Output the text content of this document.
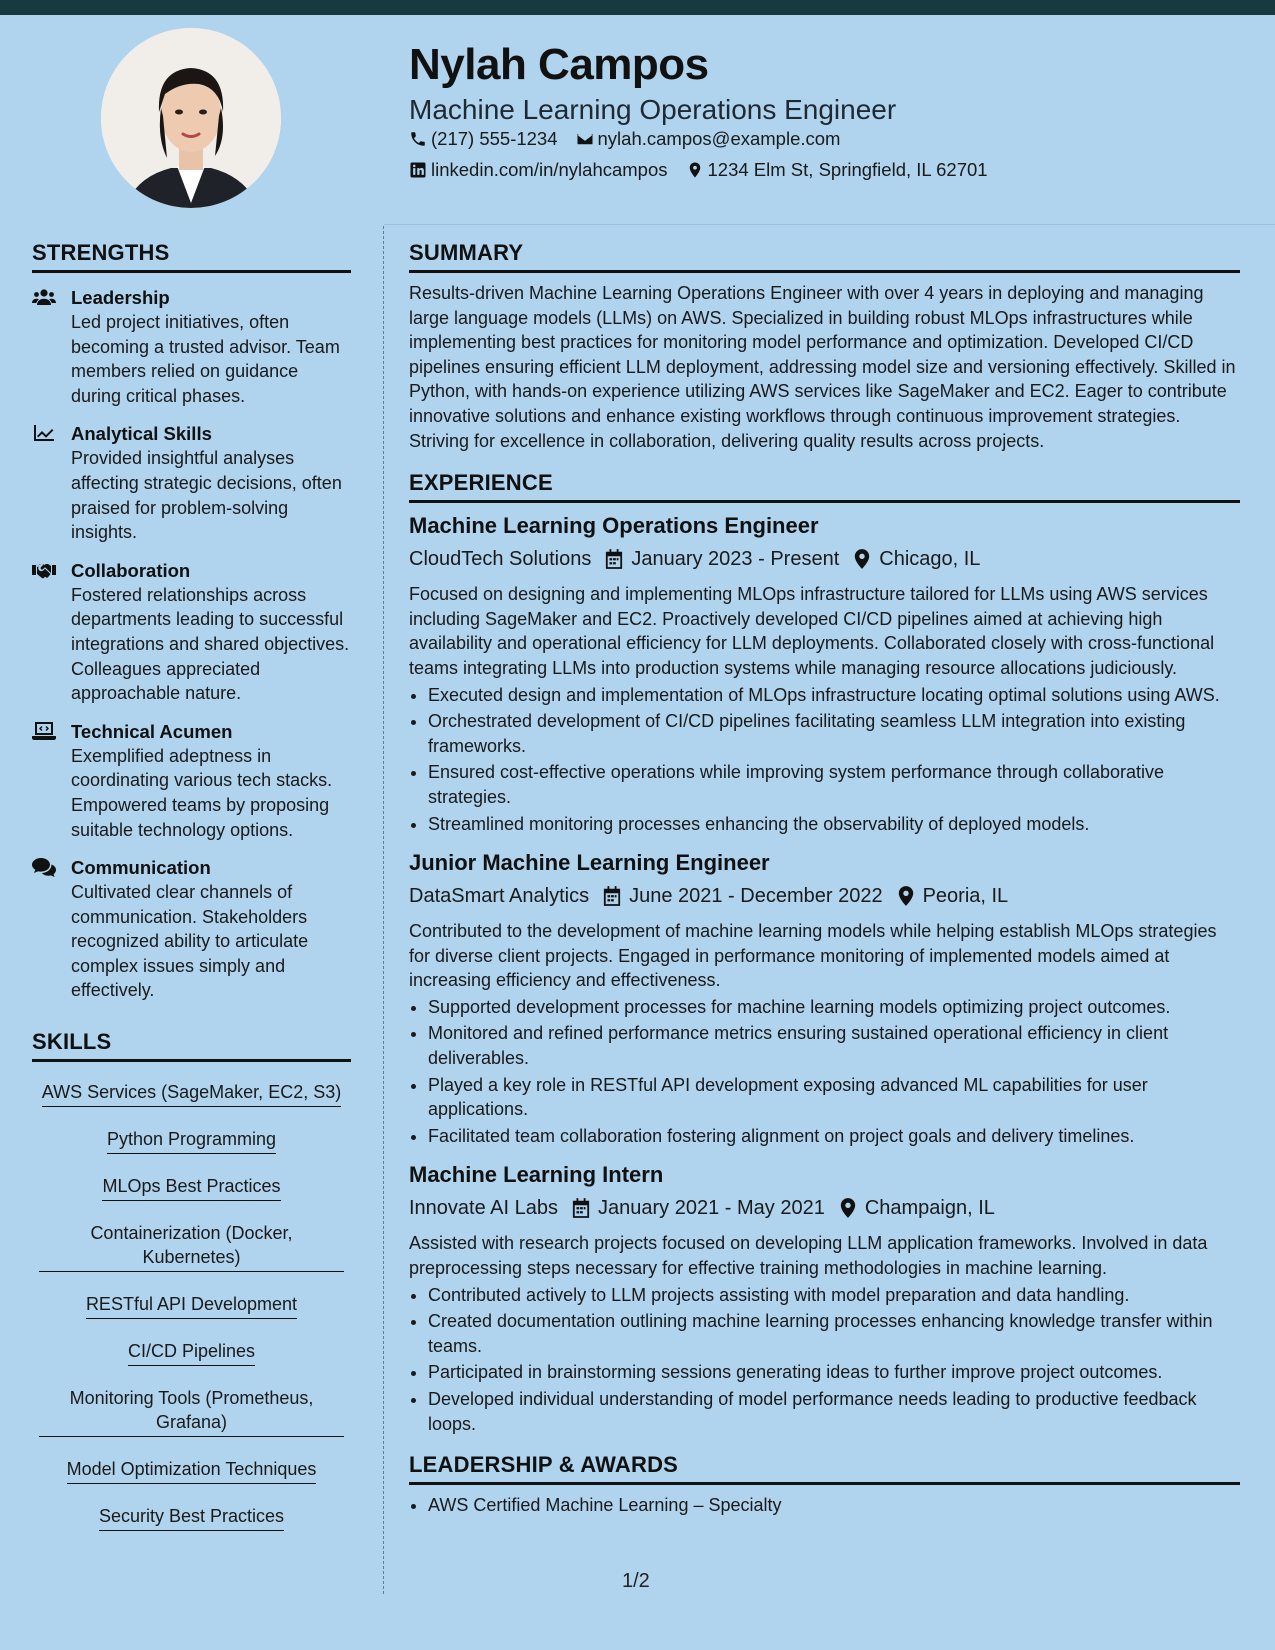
Nylah Campos
Machine Learning Operations Engineer
(217) 555-1234 nylah.campos@example.com
linkedin.com/in/nylahcampos 1234 Elm St, Springfield, IL 62701
STRENGTHS
Leadership
Led project initiatives, often becoming a trusted advisor. Team members relied on guidance during critical phases.
Analytical Skills
Provided insightful analyses affecting strategic decisions, often praised for problem-solving insights.
Collaboration
Fostered relationships across departments leading to successful integrations and shared objectives. Colleagues appreciated approachable nature.
Technical Acumen
Exemplified adeptness in coordinating various tech stacks. Empowered teams by proposing suitable technology options.
Communication
Cultivated clear channels of communication. Stakeholders recognized ability to articulate complex issues simply and effectively.
SKILLS
AWS Services (SageMaker, EC2, S3)
Python Programming
MLOps Best Practices

Containerization (Docker, Kubernetes)
RESTful API Development
CI/CD Pipelines

Monitoring Tools (Prometheus, Grafana)
Model Optimization Techniques
Security Best Practices
SUMMARY

Results-driven Machine Learning Operations Engineer with over 4 years in deploying and managing large language models (LLMs) on AWS. Specialized in building robust MLOps infrastructures while implementing best practices for monitoring model performance and optimization. Developed CI/CD pipelines ensuring efficient LLM deployment, addressing model size and versioning effectively. Skilled in Python, with hands-on experience utilizing AWS services like SageMaker and EC2. Eager to contribute innovative solutions and enhance existing workflows through continuous improvement strategies. Striving for excellence in collaboration, delivering quality results across projects.

EXPERIENCE
Machine Learning Operations Engineer
CloudTech Solutions January 2023 - Present Chicago, IL

Focused on designing and implementing MLOps infrastructure tailored for LLMs using AWS services including SageMaker and EC2. Proactively developed CI/CD pipelines aimed at achieving high availability and operational efficiency for LLM deployments. Collaborated closely with cross-functional teams integrating LLMs into production systems while managing resource allocations judiciously.

• Executed design and implementation of MLOps infrastructure locating optimal solutions using AWS.
• Orchestrated development of CI/CD pipelines facilitating seamless LLM integration into existing frameworks.
• Ensured cost-effective operations while improving system performance through collaborative strategies.
• Streamlined monitoring processes enhancing the observability of deployed models.
Junior Machine Learning Engineer
DataSmart Analytics June 2021 - December 2022 Peoria, IL

Contributed to the development of machine learning models while helping establish MLOps strategies for diverse client projects. Engaged in performance monitoring of implemented models aimed at increasing efficiency and effectiveness.

• Supported development processes for machine learning models optimizing project outcomes.
• Monitored and refined performance metrics ensuring sustained operational efficiency in client deliverables.
• Played a key role in RESTful API development exposing advanced ML capabilities for user applications.
• Facilitated team collaboration fostering alignment on project goals and delivery timelines.
Machine Learning Intern
Innovate AI Labs January 2021 - May 2021 Champaign, IL

Assisted with research projects focused on developing LLM application frameworks. Involved in data preprocessing steps necessary for effective training methodologies in machine learning.

• Contributed actively to LLM projects assisting with model preparation and data handling.
• Created documentation outlining machine learning processes enhancing knowledge transfer within teams.
• Participated in brainstorming sessions generating ideas to further improve project outcomes.
• Developed individual understanding of model performance needs leading to productive feedback loops.
LEADERSHIP & AWARDS
• AWS Certified Machine Learning – Specialty
1/2
